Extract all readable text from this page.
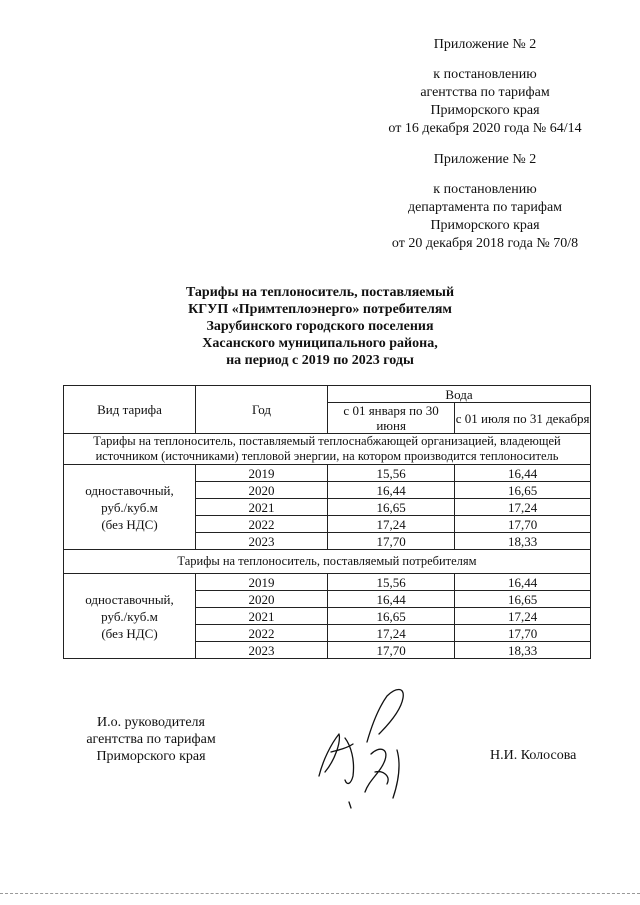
Приложение № 2
к постановлению
агентства по тарифам
Приморского края
от 16 декабря 2020 года № 64/14
Приложение № 2
к постановлению
департамента по тарифам
Приморского края
от 20 декабря 2018 года № 70/8
Тарифы на теплоноситель, поставляемый
КГУП «Примтеплоэнерго» потребителям
Зарубинского городского поселения
Хасанского муниципального района,
на период с 2019 по 2023 годы
Вид тарифа	Год	Вода	
		с 01 января по 30 июня	с 01 июля по 31 декабря
Тарифы на теплоноситель, поставляемый теплоснабжающей организацией, владеющей источником (источниками) тепловой энергии, на котором производится теплоноситель			

одноставочный,
руб./куб.м
(без НДС)	2019	15,56	16,44
	2020	16,44	16,65
	2021	16,65	17,24
	2022	17,24	17,70
	2023	17,70	18,33
Тарифы на теплоноситель, поставляемый потребителям			

одноставочный,
руб./куб.м
(без НДС)	2019	15,56	16,44
	2020	16,44	16,65
	2021	16,65	17,24
	2022	17,24	17,70
	2023	17,70	18,33
И.о. руководителя
агентства по тарифам
Приморского края	Н.И. Колосова
